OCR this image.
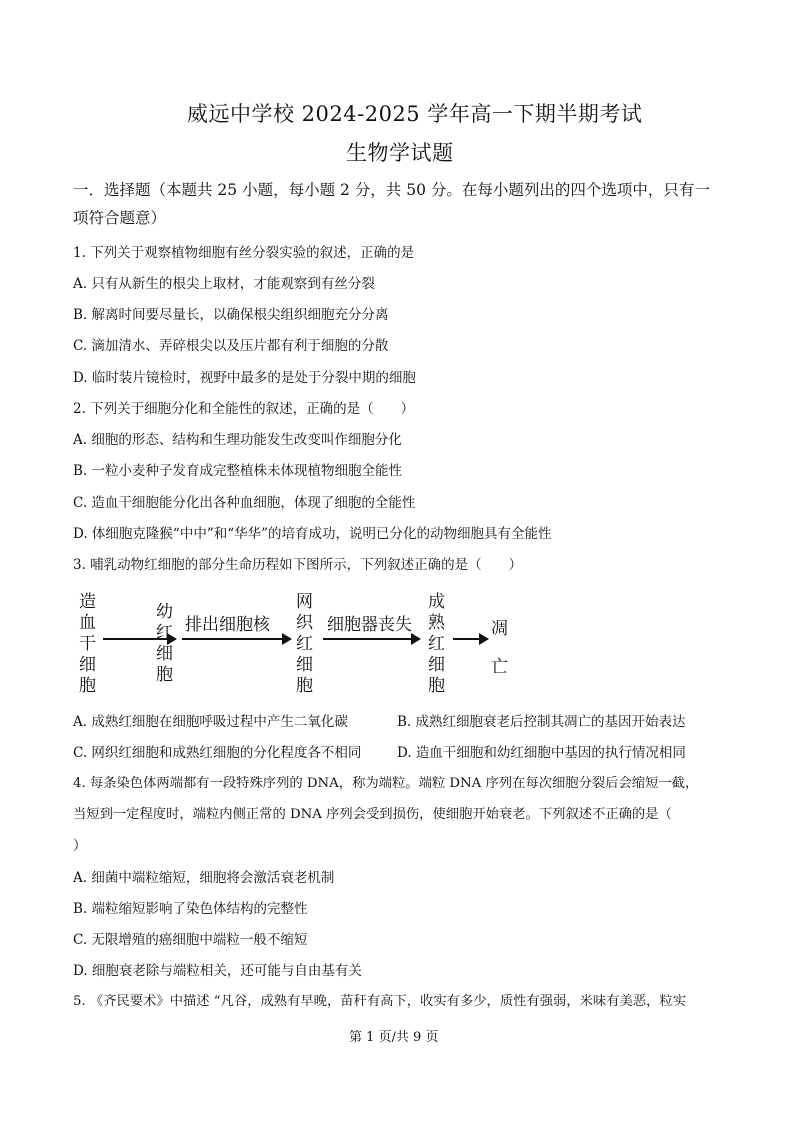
威远中学校 2024-2025 学年高一下期半期考试
生物学试题
一．选择题（本题共 25 小题，每小题 2 分，共 50 分。在每小题列出的四个选项中，只有一
项符合题意）
1. 下列关于观察植物细胞有丝分裂实验的叙述，正确的是
A. 只有从新生的根尖上取材，才能观察到有丝分裂
B. 解离时间要尽量长，以确保根尖组织细胞充分分离
C. 滴加清水、弄碎根尖以及压片都有利于细胞的分散
D. 临时装片镜检时，视野中最多的是处于分裂中期的细胞
2. 下列关于细胞分化和全能性的叙述，正确的是（　　）
A. 细胞的形态、结构和生理功能发生改变叫作细胞分化
B. 一粒小麦种子发育成完整植株未体现植物细胞全能性
C. 造血干细胞能分化出各种血细胞，体现了细胞的全能性
D. 体细胞克隆猴“中中”和“华华”的培育成功，说明已分化的动物细胞具有全能性
3. 哺乳动物红细胞的部分生命历程如下图所示，下列叙述正确的是（　　）
造
血
干
细
胞
幼
红
细
胞
排出细胞核
网
织
红
细
胞
细胞器丧失
成
熟
红
细
胞
凋
亡
A. 成熟红细胞在细胞呼吸过程中产生二氧化碳	B. 成熟红细胞衰老后控制其凋亡的基因开始表达
C. 网织红细胞和成熟红细胞的分化程度各不相同	D. 造血干细胞和幼红细胞中基因的执行情况相同
4. 每条染色体两端都有一段特殊序列的 DNA，称为端粒。端粒 DNA 序列在每次细胞分裂后会缩短一截，
当短到一定程度时，端粒内侧正常的 DNA 序列会受到损伤，使细胞开始衰老。下列叙述不正确的是（
）
A. 细菌中端粒缩短，细胞将会激活衰老机制
B. 端粒缩短影响了染色体结构的完整性
C. 无限增殖的癌细胞中端粒一般不缩短
D. 细胞衰老除与端粒相关，还可能与自由基有关
5. 《齐民要术》中描述 “凡谷，成熟有早晚，苗秆有高下，收实有多少，质性有强弱，米味有美恶，粒实
第 1 页/共 9 页
